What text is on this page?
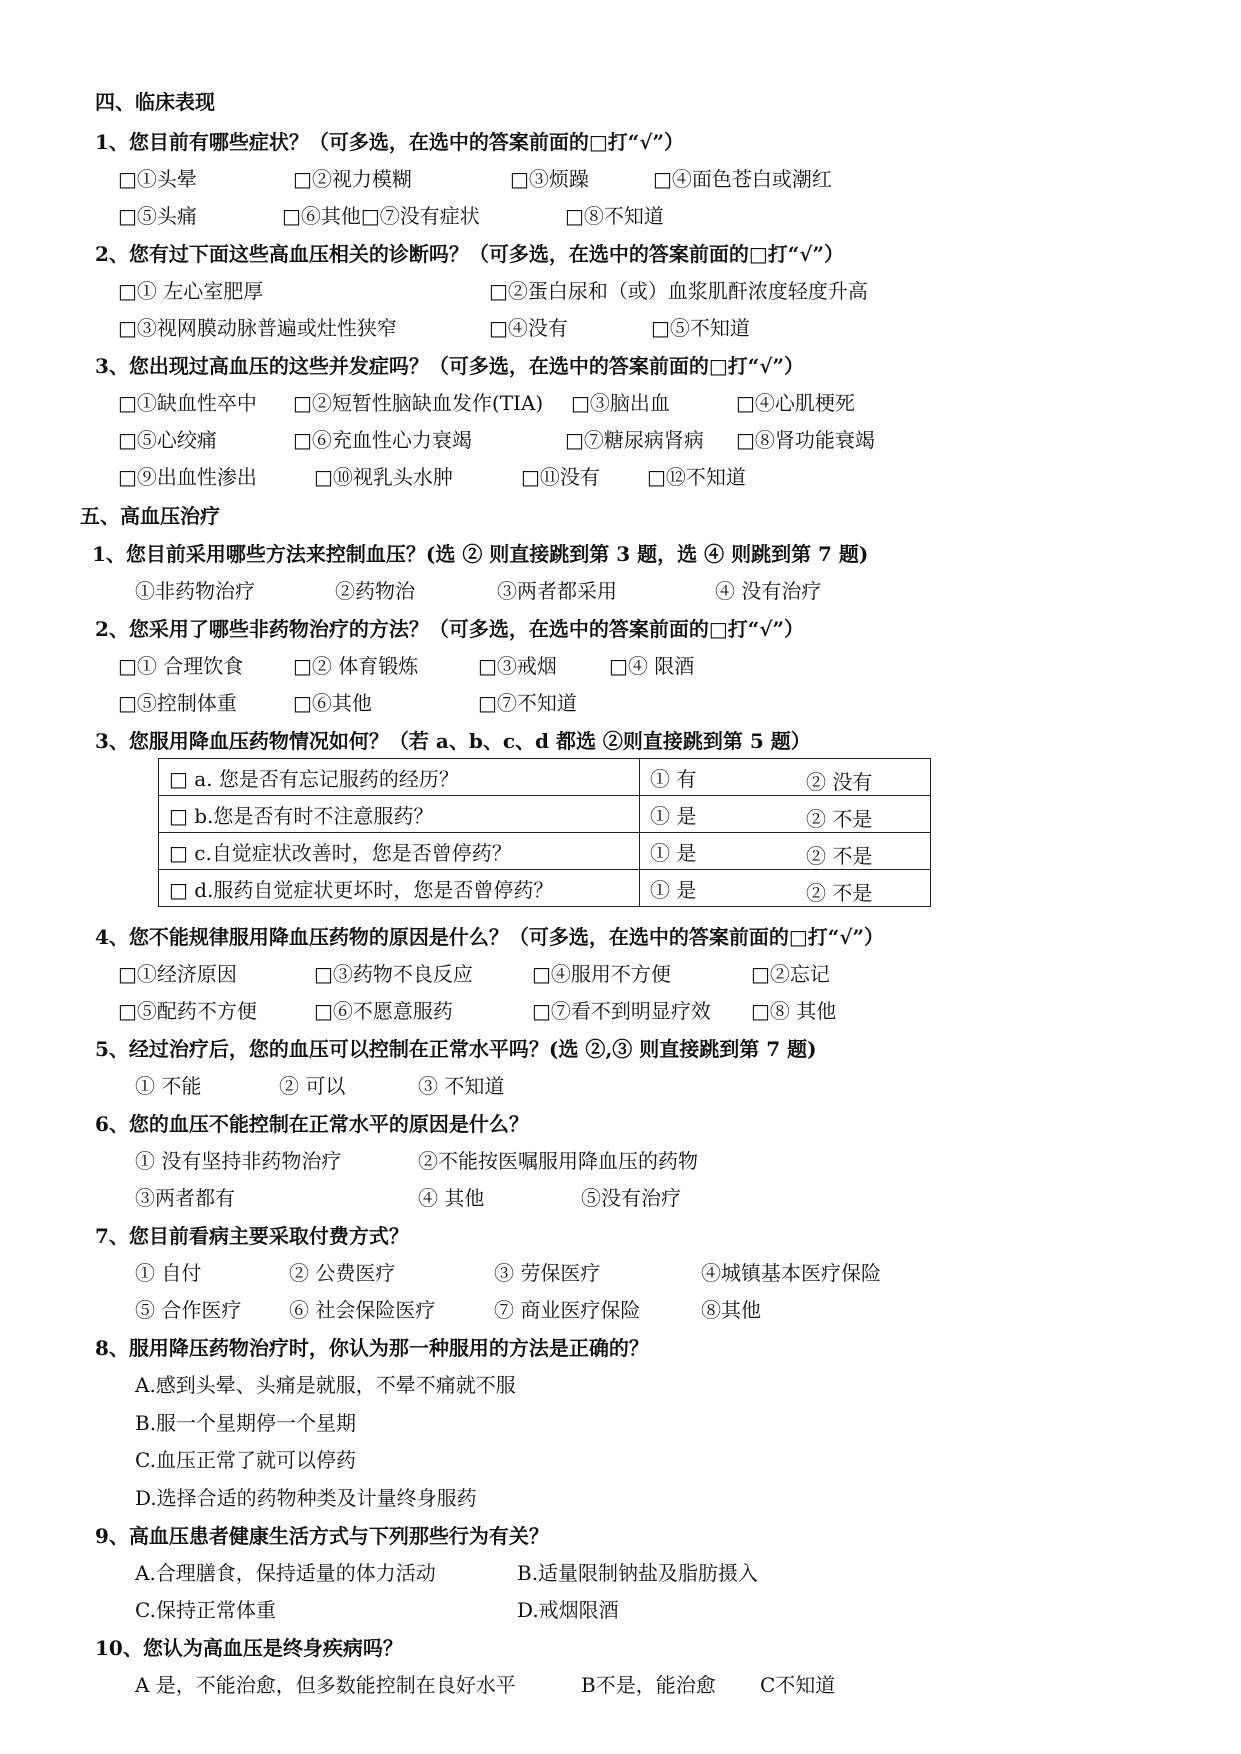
四、临床表现
1、您目前有哪些症状？（可多选，在选中的答案前面的□打“√”）
□①头晕	□②视力模糊	□③烦躁	□④面色苍白或潮红
□⑤头痛	□⑥其他□⑦没有症状	□⑧不知道
2、您有过下面这些高血压相关的诊断吗？（可多选，在选中的答案前面的□打“√”）
□① 左心室肥厚	□②蛋白尿和（或）血浆肌酐浓度轻度升高
□③视网膜动脉普遍或灶性狭窄	□④没有	□⑤不知道
3、您出现过高血压的这些并发症吗？（可多选，在选中的答案前面的□打“√”）
□①缺血性卒中 □②短暂性脑缺血发作(TIA) □③脑出血	□④心肌梗死
□⑤心绞痛	□⑥充血性心力衰竭	□⑦糖尿病肾病 □⑧肾功能衰竭
□⑨出血性渗出	□⑩视乳头水肿	□⑪没有 □⑫不知道
五、高血压治疗
1、您目前采用哪些方法来控制血压？(选 ② 则直接跳到第 3 题，选 ④ 则跳到第 7 题)
①非药物治疗	②药物治	③两者都采用	④ 没有治疗
2、您采用了哪些非药物治疗的方法？（可多选，在选中的答案前面的□打“√”）
□① 合理饮食 □② 体育锻炼	□③戒烟	□④ 限酒
□⑤控制体重	□⑥其他	□⑦不知道
3、您服用降血压药物情况如何？（若 a、b、c、d 都选 ②则直接跳到第 5 题）
□ a. 您是否有忘记服药的经历？	① 有 ② 没有

□ b.您是否有时不注意服药？	① 是 ② 不是

□ c.自觉症状改善时，您是否曾停药？	① 是 ② 不是

□ d.服药自觉症状更坏时，您是否曾停药？	① 是 ② 不是
4、您不能规律服用降血压药物的原因是什么？（可多选，在选中的答案前面的□打“√”）
□①经济原因	□③药物不良反应	□④服用不方便	□②忘记
□⑤配药不方便	□⑥不愿意服药	□⑦看不到明显疗效 □⑧ 其他
5、经过治疗后，您的血压可以控制在正常水平吗？(选 ②,③ 则直接跳到第 7 题)
① 不能	② 可以	③ 不知道
6、您的血压不能控制在正常水平的原因是什么？
① 没有坚持非药物治疗	②不能按医嘱服用降血压的药物
③两者都有	④ 其他	⑤没有治疗
7、您目前看病主要采取付费方式？
① 自付	② 公费医疗	③ 劳保医疗	④城镇基本医疗保险
⑤ 合作医疗 ⑥ 社会保险医疗	⑦ 商业医疗保险	⑧其他
8、服用降压药物治疗时，你认为那一种服用的方法是正确的？
A.感到头晕、头痛是就服，不晕不痛就不服
B.服一个星期停一个星期
C.血压正常了就可以停药
D.选择合适的药物种类及计量终身服药
9、高血压患者健康生活方式与下列那些行为有关？
A.合理膳食，保持适量的体力活动	B.适量限制钠盐及脂肪摄入
C.保持正常体重	D.戒烟限酒
10、您认为高血压是终身疾病吗？
A 是，不能治愈，但多数能控制在良好水平	B不是，能治愈 C不知道
